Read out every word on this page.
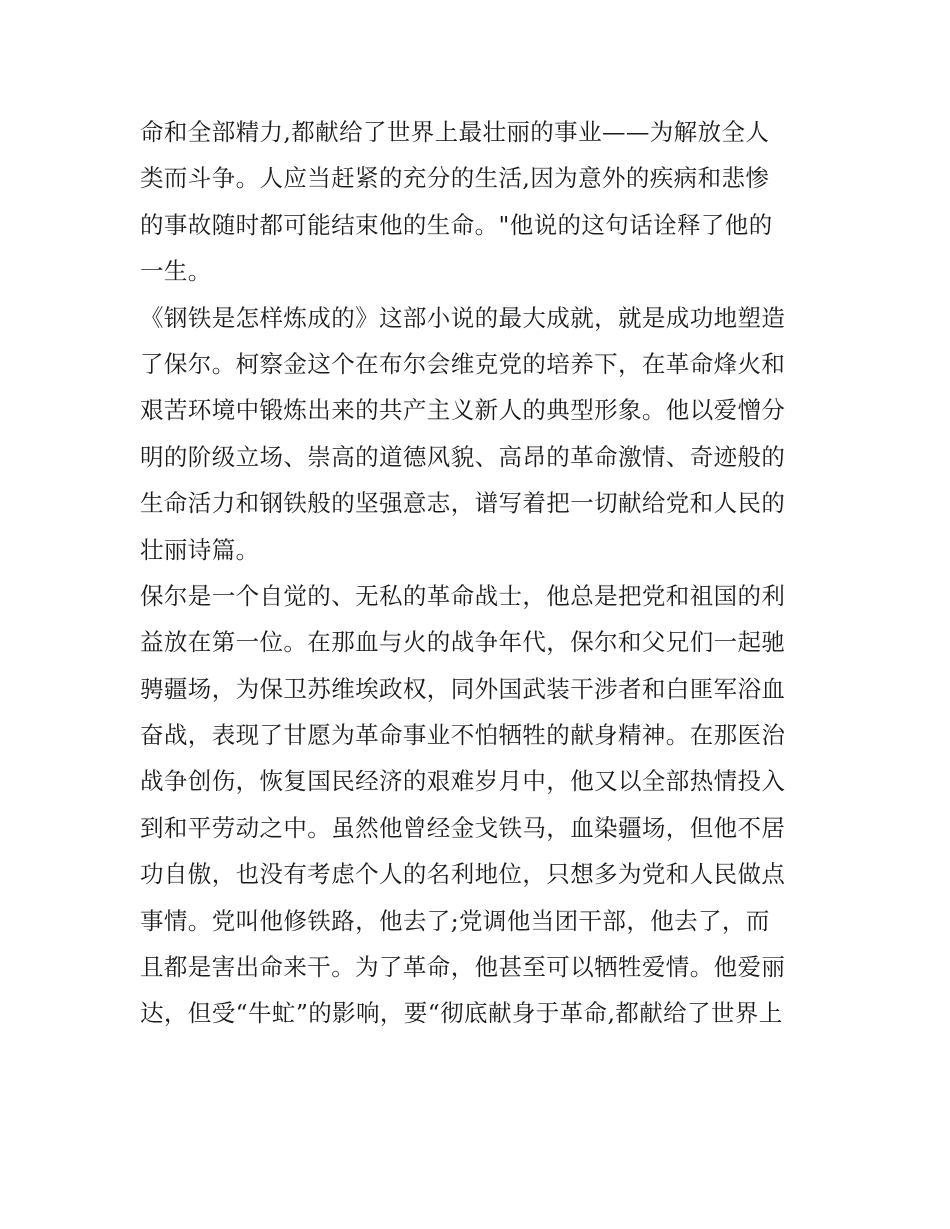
命和全部精力,都献给了世界上最壮丽的事业——为解放全人
类而斗争。人应当赶紧的充分的生活,因为意外的疾病和悲惨
的事故随时都可能结束他的生命。"他说的这句话诠释了他的
一生。
《钢铁是怎样炼成的》这部小说的最大成就，就是成功地塑造
了保尔。柯察金这个在布尔会维克党的培养下，在革命烽火和
艰苦环境中锻炼出来的共产主义新人的典型形象。他以爱憎分
明的阶级立场、崇高的道德风貌、高昂的革命激情、奇迹般的
生命活力和钢铁般的坚强意志，谱写着把一切献给党和人民的
壮丽诗篇。
保尔是一个自觉的、无私的革命战士，他总是把党和祖国的利
益放在第一位。在那血与火的战争年代，保尔和父兄们一起驰
骋疆场，为保卫苏维埃政权，同外国武装干涉者和白匪军浴血
奋战，表现了甘愿为革命事业不怕牺牲的献身精神。在那医治
战争创伤，恢复国民经济的艰难岁月中，他又以全部热情投入
到和平劳动之中。虽然他曾经金戈铁马，血染疆场，但他不居
功自傲，也没有考虑个人的名利地位，只想多为党和人民做点
事情。党叫他修铁路，他去了;党调他当团干部，他去了，而
且都是害出命来干。为了革命，他甚至可以牺牲爱情。他爱丽
达，但受“牛虻”的影响，要“彻底献身于革命,都献给了世界上
